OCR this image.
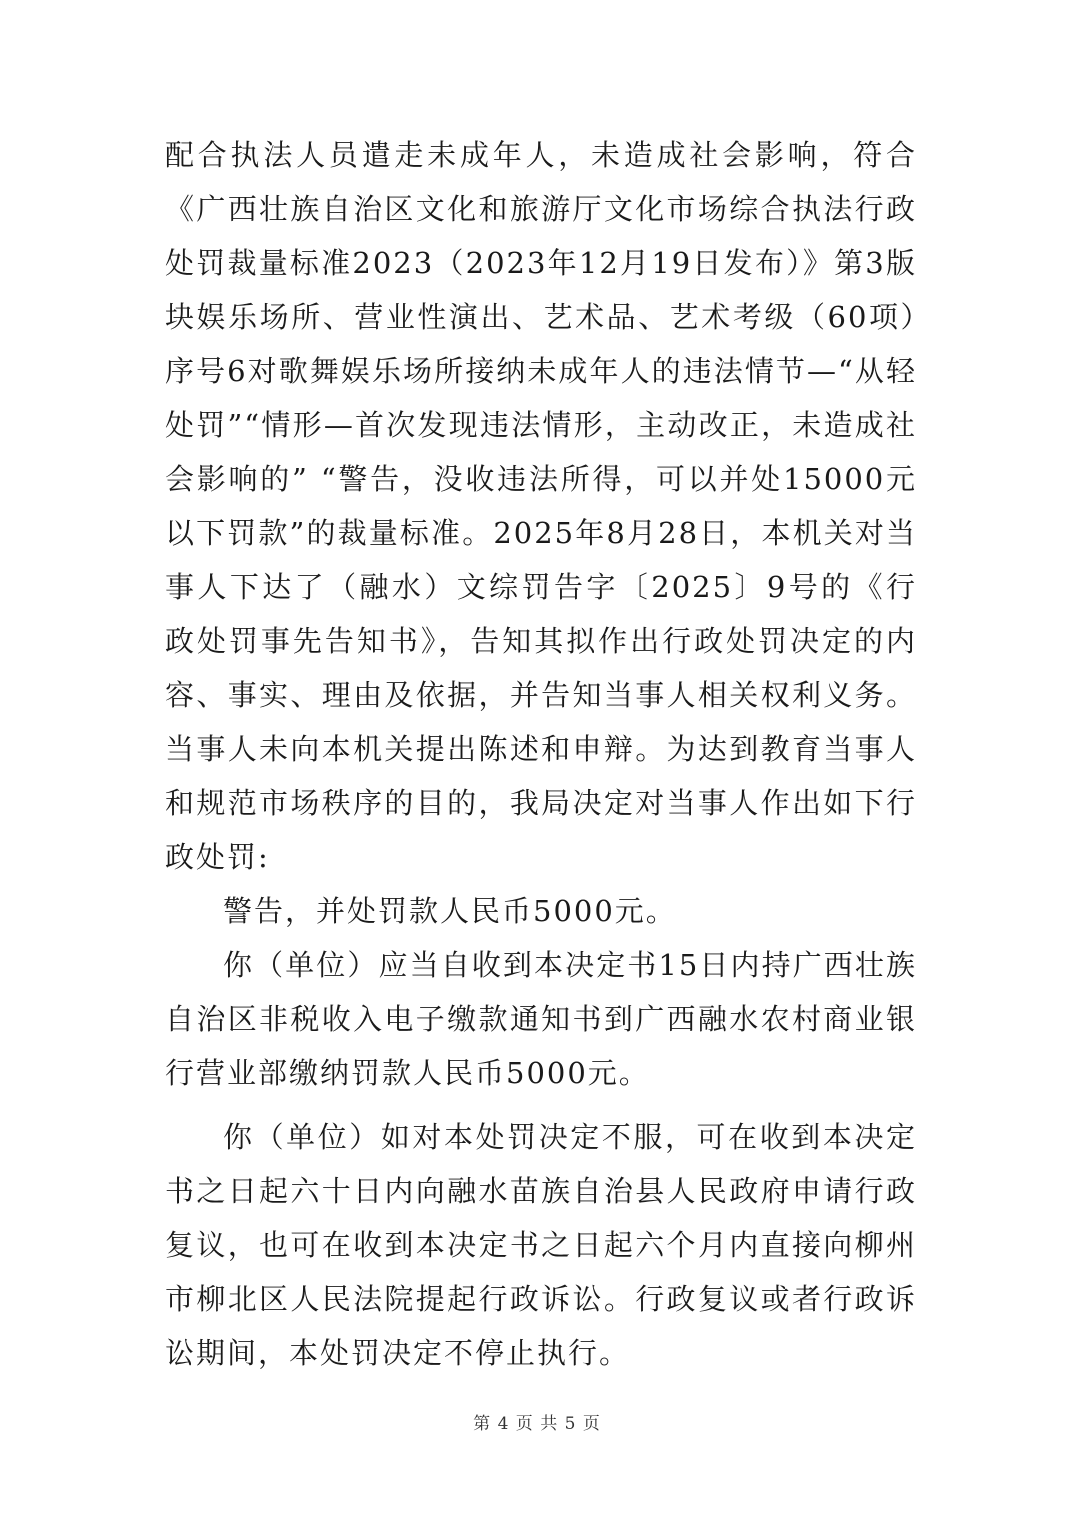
配合执法人员遣走未成年人，未造成社会影响，符合《广西壮族自治区文化和旅游厅文化市场综合执法行政处罚裁量标准2023（2023年12月19日发布）》第3版块娱乐场所、营业性演出、艺术品、艺术考级（60项）序号6对歌舞娱乐场所接纳未成年人的违法情节—“从轻处罚”“情形—首次发现违法情形，主动改正，未造成社会影响的” “警告，没收违法所得，可以并处15000元以下罚款”的裁量标准。2025年8月28日，本机关对当事人下达了（融水）文综罚告字〔2025〕9号的《行政处罚事先告知书》，告知其拟作出行政处罚决定的内容、事实、理由及依据，并告知当事人相关权利义务。当事人未向本机关提出陈述和申辩。为达到教育当事人和规范市场秩序的目的，我局决定对当事人作出如下行政处罚:

警告，并处罚款人民币5000元。

你（单位）应当自收到本决定书15日内持广西壮族自治区非税收入电子缴款通知书到广西融水农村商业银行营业部缴纳罚款人民币5000元。

你（单位）如对本处罚决定不服，可在收到本决定书之日起六十日内向融水苗族自治县人民政府申请行政复议，也可在收到本决定书之日起六个月内直接向柳州市柳北区人民法院提起行政诉讼。行政复议或者行政诉讼期间，本处罚决定不停止执行。

第 4 页 共 5 页
